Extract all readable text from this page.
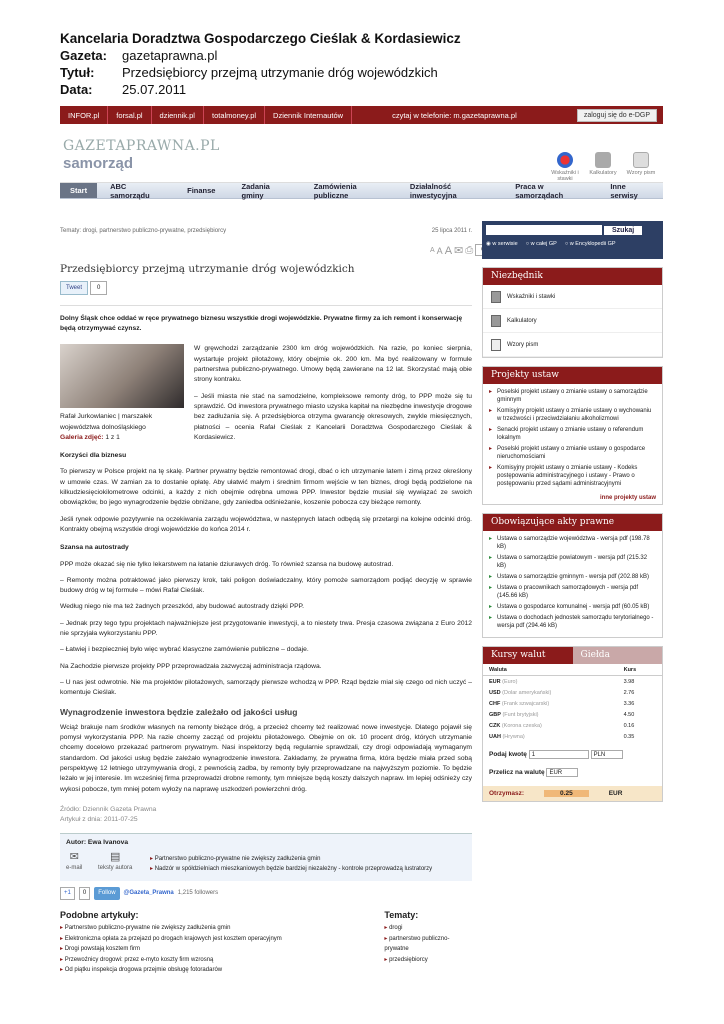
Kancelaria Doradztwa Gospodarczego Cieślak & Kordasiewicz
Gazeta:	gazetaprawna.pl
Tytuł:	Przedsiębiorcy przejmą utrzymanie dróg wojewódzkich
Data:	25.07.2011
INFOR.pl	forsal.pl	dziennik.pl	totalmoney.pl	Dziennik Internautów	czytaj w telefonie: m.gazetaprawna.pl	zaloguj się do e-DGP
GAZETAPRAWNA.PL
samorząd
Wskaźniki i stawki
Kalkulatory Wzory pism
Start	ABC samorządu	Finanse	Zadania gminy
Zamówienia publiczne
Działalność inwestycyjna
Praca w samorządach
Inne serwisy
Tematy: drogi, partnerstwo publiczno-prywatne, przedsiębiorcy	25 lipca 2011 r.
A A A ✉ ⎙
Przedsiębiorcy przejmą utrzymanie dróg wojewódzkich
Tweet	0
Dolny Śląsk chce oddać w ręce prywatnego biznesu wszystkie drogi wojewódzkie. Prywatne firmy za ich remont i konserwację będą otrzymywać czynsz.
Rafał Jurkowlaniec | marszałek województwa dolnośląskiego
Galeria zdjęć: 1 z 1

W gręwchodzi zarządzanie 2300 km dróg wojewódzkich. Na razie, po koniec sierpnia, wystartuje projekt pilotażowy, który obejmie ok. 200 km. Ma być realizowany w formule partnerstwa publiczno-prywatnego. Umowy będą zawierane na 12 lat. Skorzystać mają obie strony kontraku.

– Jeśli miasta nie stać na samodzielne, kompleksowe remonty dróg, to PPP może się tu sprawdzić. Od inwestora prywatnego miasto uzyska kapitał na niezbędne inwestycje drogowe bez zadłużania się. A przedsiębiorca otrzyma gwarancję okresowych, zwykle miesięcznych, płatności – ocenia Rafał Cieślak z Kancelarii Doradztwa Gospodarczego Cieślak & Kordasiewicz.

Korzyści dla biznesu

To pierwszy w Polsce projekt na tę skalę. Partner prywatny będzie remontować drogi, dbać o ich utrzymanie latem i zimą przez określony w umowie czas. W zamian za to dostanie opłatę. Aby ułatwić małym i średnim firmom wejście w ten biznes, drogi będą podzielone na kilkudziesięciokilometrowe odcinki, a każdy z nich obejmie odrębna umowa PPP. Inwestor będzie musiał się wywiązać ze swoich obowiązków, bo jego wynagrodzenie będzie obniżane, gdy zaniedba odśnieżanie, koszenie pobocza czy bieżące remonty.

Jeśli rynek odpowie pozytywnie na oczekiwania zarządu województwa, w następnych latach odbędą się przetargi na kolejne odcinki dróg. Kontrakty obejmą wszystkie drogi wojewódzkie do końca 2014 r.

Szansa na autostrady

PPP może okazać się nie tylko lekarstwem na łatanie dziurawych dróg. To również szansa na budowę autostrad.

– Remonty można potraktować jako pierwszy krok, taki poligon doświadczalny, który pomoże samorządom podjąć decyzję w sprawie budowy dróg w tej formule – mówi Rafał Cieślak.

Według niego nie ma też żadnych przeszkód, aby budować autostrady dzięki PPP.

– Jednak przy tego typu projektach najważniejsze jest przygotowanie inwestycji, a to niestety trwa. Presja czasowa związana z Euro 2012 nie sprzyjała wykorzystaniu PPP.

– Łatwiej i bezpieczniej było więc wybrać klasyczne zamówienie publiczne – dodaje.

Na Zachodzie pierwsze projekty PPP przeprowadzała zazwyczaj administracja rządowa.

– U nas jest odwrotnie. Nie ma projektów pilotażowych, samorządy pierwsze wchodzą w PPP. Rząd będzie miał się czego od nich uczyć – komentuje Cieślak.

Wynagrodzenie inwestora będzie zależało od jakości usług

Wciąż brakuje nam środków własnych na remonty bieżące dróg, a przecież chcemy też realizować nowe inwestycje. Dlatego pojawił się pomysł wykorzystania PPP. Na razie chcemy zacząć od projektu pilotażowego. Obejmie on ok. 10 procent dróg, których utrzymanie chcemy docelowo przekazać partnerom prywatnym. Nasi inspektorzy będą regularnie sprawdzali, czy drogi odpowiadają wymaganym standardom. Od jakości usług będzie zależało wynagrodzenie inwestora. Zakładamy, że prywatna firma, która będzie miała przed sobą perspektywę 12 letniego utrzymywania drogi, z pewnością zadba, by remonty były przeprowadzane na najwyższym poziomie. To będzie leżało w jej interesie. Im wcześniej firma przeprowadzi drobne remonty, tym mniejsze będą koszty dalszych napraw. Im lepiej odśnieży czy wykosi pobocze, tym mniej potem wyłoży na naprawę uszkodzeń powierzchni dróg.

Źródło: Dziennik Gazeta Prawna
Artykuł z dnia: 2011-07-25
Autor: Ewa Ivanova
✉
e-mail
▤
teksty autora
▸ Partnerstwo publiczno-prywatne nie zwiększy zadłużenia gmin
▸ Nadzór w spółdzielniach mieszkaniowych będzie bardziej niezależny - kontrole przeprowadzą lustratorzy
+1	0	Follow	@Gazeta_Prawna 1,215 followers
Podobne artykuły:
▸ Partnerstwo publiczno-prywatne nie zwiększy zadłużenia gmin
▸ Elektroniczna opłata za przejazd po drogach krajowych jest kosztem operacyjnym
▸ Drogi powstają kosztem firm
▸ Przewoźnicy drogowi: przez e-myto koszty firm wzrosną
▸ Od piątku inspekcja drogowa przejmie obsługę fotoradarów
Tematy:
▸ drogi
▸ partnerstwo publiczno-prywatne
▸ przedsiębiorcy
Szukaj
◉ w serwisie ○ w całej GP ○ w Encyklopedii GP
Niezbędnik
Wskaźniki i stawki
Kalkulatory
Wzory pism
Projekty ustaw
▸ Poselski projekt ustawy o zmianie ustawy o samorządzie gminnym
▸ Komisyjny projekt ustawy o zmianie ustawy o wychowaniu w trzeźwości i przeciwdziałaniu alkoholizmowi
▸ Senacki projekt ustawy o zmianie ustawy o referendum lokalnym
▸ Poselski projekt ustawy o zmianie ustawy o gospodarce nieruchomościami
▸ Komisyjny projekt ustawy o zmianie ustawy - Kodeks postępowania administracyjnego i ustawy - Prawo o postępowaniu przed sądami administracyjnymi
inne projekty ustaw
Obowiązujące akty prawne
▸ Ustawa o samorządzie województwa - wersja pdf (198.78 kB)
▸ Ustawa o samorządzie powiatowym - wersja pdf (215.32 kB)
▸ Ustawa o samorządzie gminnym - wersja pdf (202.88 kB)
▸ Ustawa o pracownikach samorządowych - wersja pdf (145.66 kB)
▸ Ustawa o gospodarce komunalnej - wersja pdf (60.05 kB)
▸ Ustawa o dochodach jednostek samorządu terytorialnego - wersja pdf (294.46 kB)
Kursy walut	Giełda
Waluta	Kurs
EUR (Euro)	3.98
USD (Dolar amerykański)	2.76
CHF (Frank szwajcarski)	3.36
GBP (Funt brytyjski)	4.50
CZK (Korona czeska)	0.16
UAH (Hrywna)	0.35
Podaj kwotę 1	PLN
Przelicz na walutę EUR
Otrzymasz:	0.25	EUR
